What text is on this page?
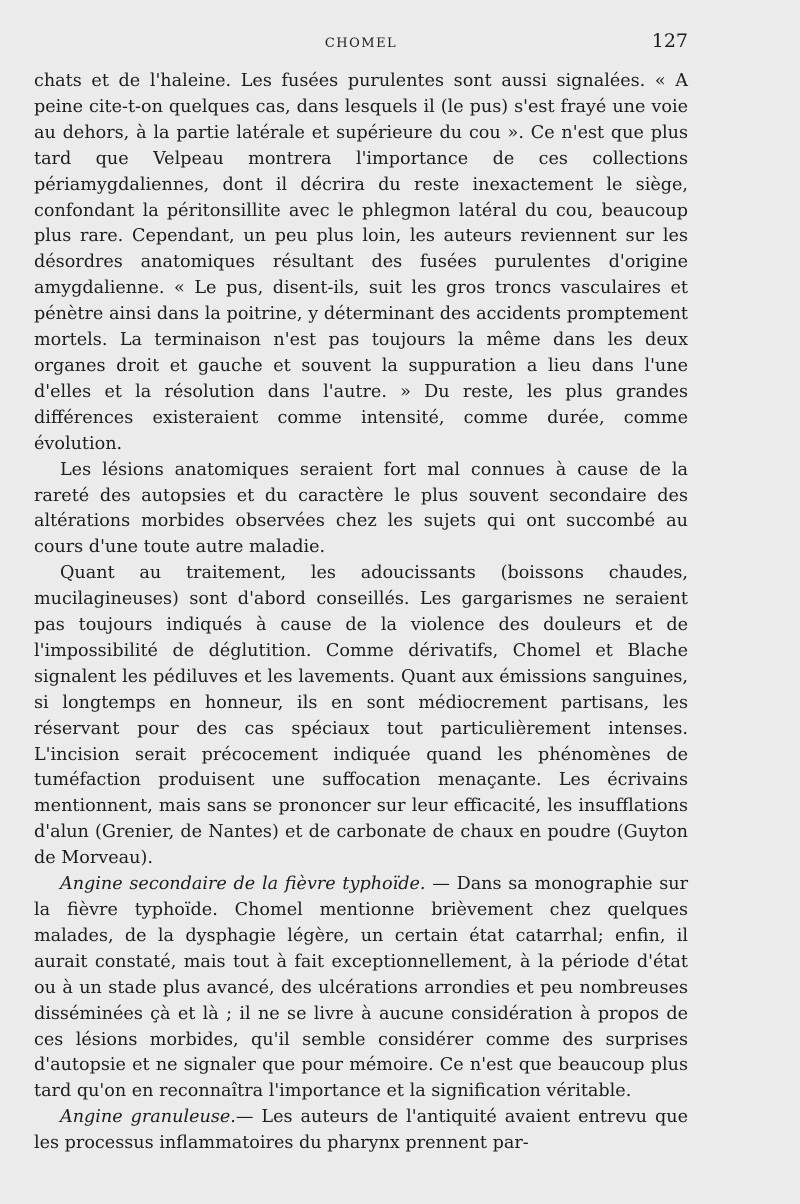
CHOMEL	127

chats et de l'haleine. Les fusées purulentes sont aussi signalées. « A peine cite-t-on quelques cas, dans lesquels il (le pus) s'est frayé une voie au dehors, à la partie latérale et supérieure du cou ». Ce n'est que plus tard que Velpeau montrera l'importance de ces collections périamygdaliennes, dont il décrira du reste inexactement le siège, confondant la péritonsillite avec le phlegmon latéral du cou, beaucoup plus rare. Cependant, un peu plus loin, les auteurs reviennent sur les désordres anatomiques résultant des fusées purulentes d'origine amygdalienne. « Le pus, disent-ils, suit les gros troncs vasculaires et pénètre ainsi dans la poitrine, y déterminant des accidents promptement mortels. La terminaison n'est pas toujours la même dans les deux organes droit et gauche et souvent la suppuration a lieu dans l'une d'elles et la résolution dans l'autre. » Du reste, les plus grandes différences existeraient comme intensité, comme durée, comme évolution.

Les lésions anatomiques seraient fort mal connues à cause de la rareté des autopsies et du caractère le plus souvent secondaire des altérations morbides observées chez les sujets qui ont succombé au cours d'une toute autre maladie.

Quant au traitement, les adoucissants (boissons chaudes, mucilagineuses) sont d'abord conseillés. Les gargarismes ne seraient pas toujours indiqués à cause de la violence des douleurs et de l'impossibilité de déglutition. Comme dérivatifs, Chomel et Blache signalent les pédiluves et les lavements. Quant aux émissions sanguines, si longtemps en honneur, ils en sont médiocrement partisans, les réservant pour des cas spéciaux tout particulièrement intenses. L'incision serait précocement indiquée quand les phénomènes de tuméfaction produisent une suffocation menaçante. Les écrivains mentionnent, mais sans se prononcer sur leur efficacité, les insufflations d'alun (Grenier, de Nantes) et de carbonate de chaux en poudre (Guyton de Morveau).

Angine secondaire de la fièvre typhoïde. — Dans sa monographie sur la fièvre typhoïde. Chomel mentionne brièvement chez quelques malades, de la dysphagie légère, un certain état catarrhal; enfin, il aurait constaté, mais tout à fait exceptionnellement, à la période d'état ou à un stade plus avancé, des ulcérations arrondies et peu nombreuses disséminées çà et là ; il ne se livre à aucune considération à propos de ces lésions morbides, qu'il semble considérer comme des surprises d'autopsie et ne signaler que pour mémoire. Ce n'est que beaucoup plus tard qu'on en reconnaîtra l'importance et la signification véritable.

Angine granuleuse.— Les auteurs de l'antiquité avaient entrevu que les processus inflammatoires du pharynx prennent par-
